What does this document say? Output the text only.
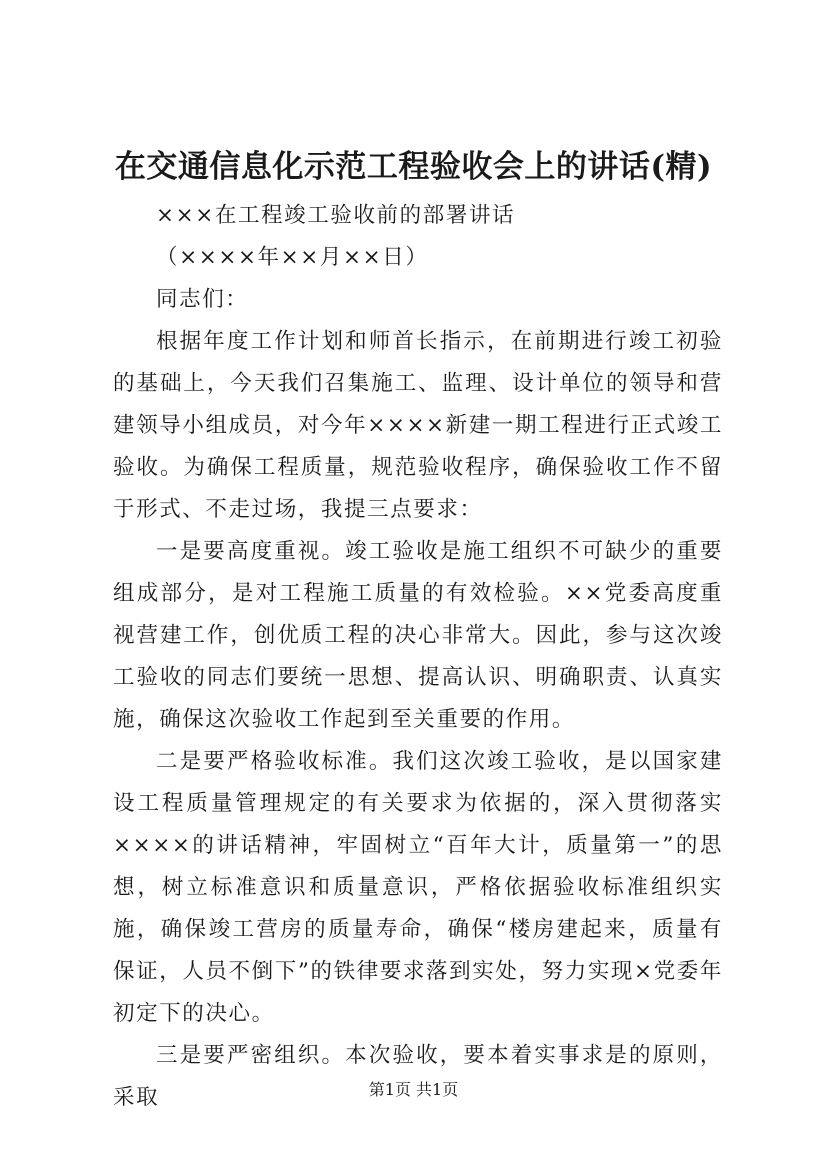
在交通信息化示范工程验收会上的讲话(精)

×××在工程竣工验收前的部署讲话

（××××年××月××日）

同志们：

根据年度工作计划和师首长指示，在前期进行竣工初验的基础上，今天我们召集施工、监理、设计单位的领导和营建领导小组成员，对今年××××新建一期工程进行正式竣工验收。为确保工程质量，规范验收程序，确保验收工作不留于形式、不走过场，我提三点要求：

一是要高度重视。竣工验收是施工组织不可缺少的重要组成部分，是对工程施工质量的有效检验。××党委高度重视营建工作，创优质工程的决心非常大。因此，参与这次竣工验收的同志们要统一思想、提高认识、明确职责、认真实施，确保这次验收工作起到至关重要的作用。

二是要严格验收标准。我们这次竣工验收，是以国家建设工程质量管理规定的有关要求为依据的，深入贯彻落实××××的讲话精神，牢固树立“百年大计，质量第一”的思想，树立标准意识和质量意识，严格依据验收标准组织实施，确保竣工营房的质量寿命，确保“楼房建起来，质量有保证，人员不倒下”的铁律要求落到实处，努力实现×党委年初定下的决心。

三是要严密组织。本次验收，要本着实事求是的原则，采取	第1页 共1页
